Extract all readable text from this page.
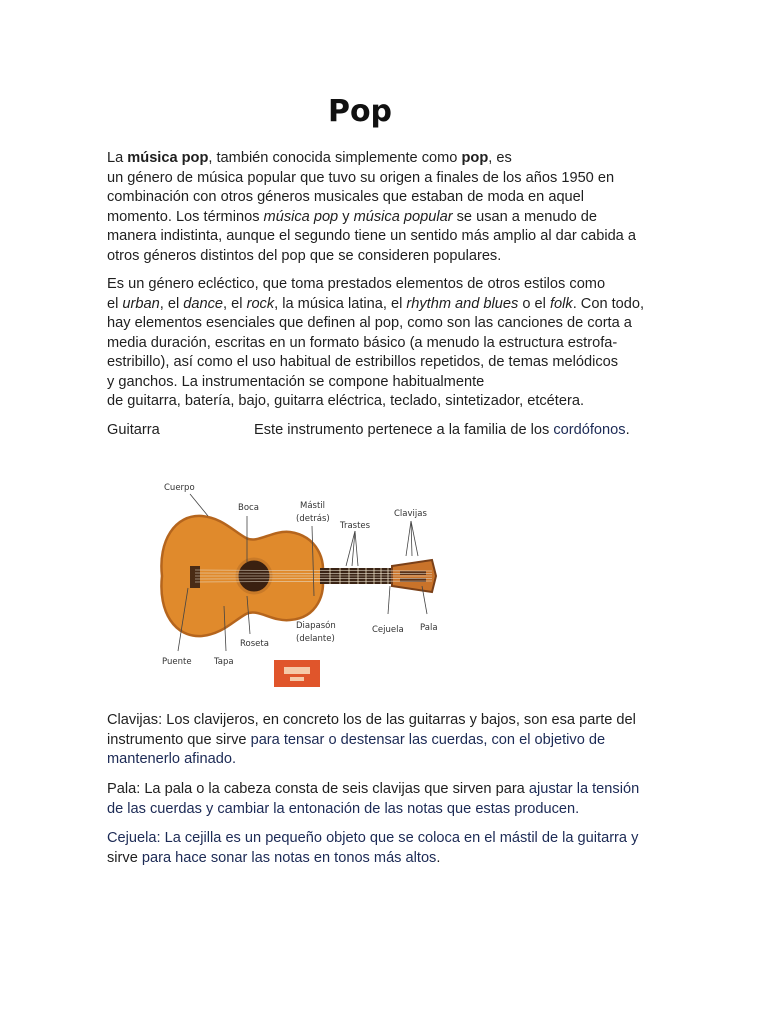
Pop

La música pop, también conocida simplemente como pop, es
un género de música popular que tuvo su origen a finales de los años 1950 en
combinación con otros géneros musicales que estaban de moda en aquel
momento. Los términos música pop y música popular se usan a menudo de
manera indistinta, aunque el segundo tiene un sentido más amplio al dar cabida a
otros géneros distintos del pop que se consideren populares.

Es un género ecléctico, que toma prestados elementos de otros estilos como
el urban, el dance, el rock, la música latina, el rhythm and blues o el folk. Con todo,
hay elementos esenciales que definen al pop, como son las canciones de corta a
media duración, escritas en un formato básico (a menudo la estructura estrofa-
estribillo), así como el uso habitual de estribillos repetidos, de temas melódicos
y ganchos. La instrumentación se compone habitualmente
de guitarra, batería, bajo, guitarra eléctrica, teclado, sintetizador, etcétera.

Guitarra	Este instrumento pertenece a la familia de los cordófonos.
Cuerpo
Boca	Mástil
(detrás)
Trastes
Clavijas
Diapasón
(delante)
Cejuela Pala
Roseta
Puente	Tapa

Clavijas: Los clavijeros, en concreto los de las guitarras y bajos, son esa parte del
instrumento que sirve para tensar o destensar las cuerdas, con el objetivo de
mantenerlo afinado.

Pala: La pala o la cabeza consta de seis clavijas que sirven para ajustar la tensión
de las cuerdas y cambiar la entonación de las notas que estas producen.

Cejuela: La cejilla es un pequeño objeto que se coloca en el mástil de la guitarra y
sirve para hace sonar las notas en tonos más altos.
